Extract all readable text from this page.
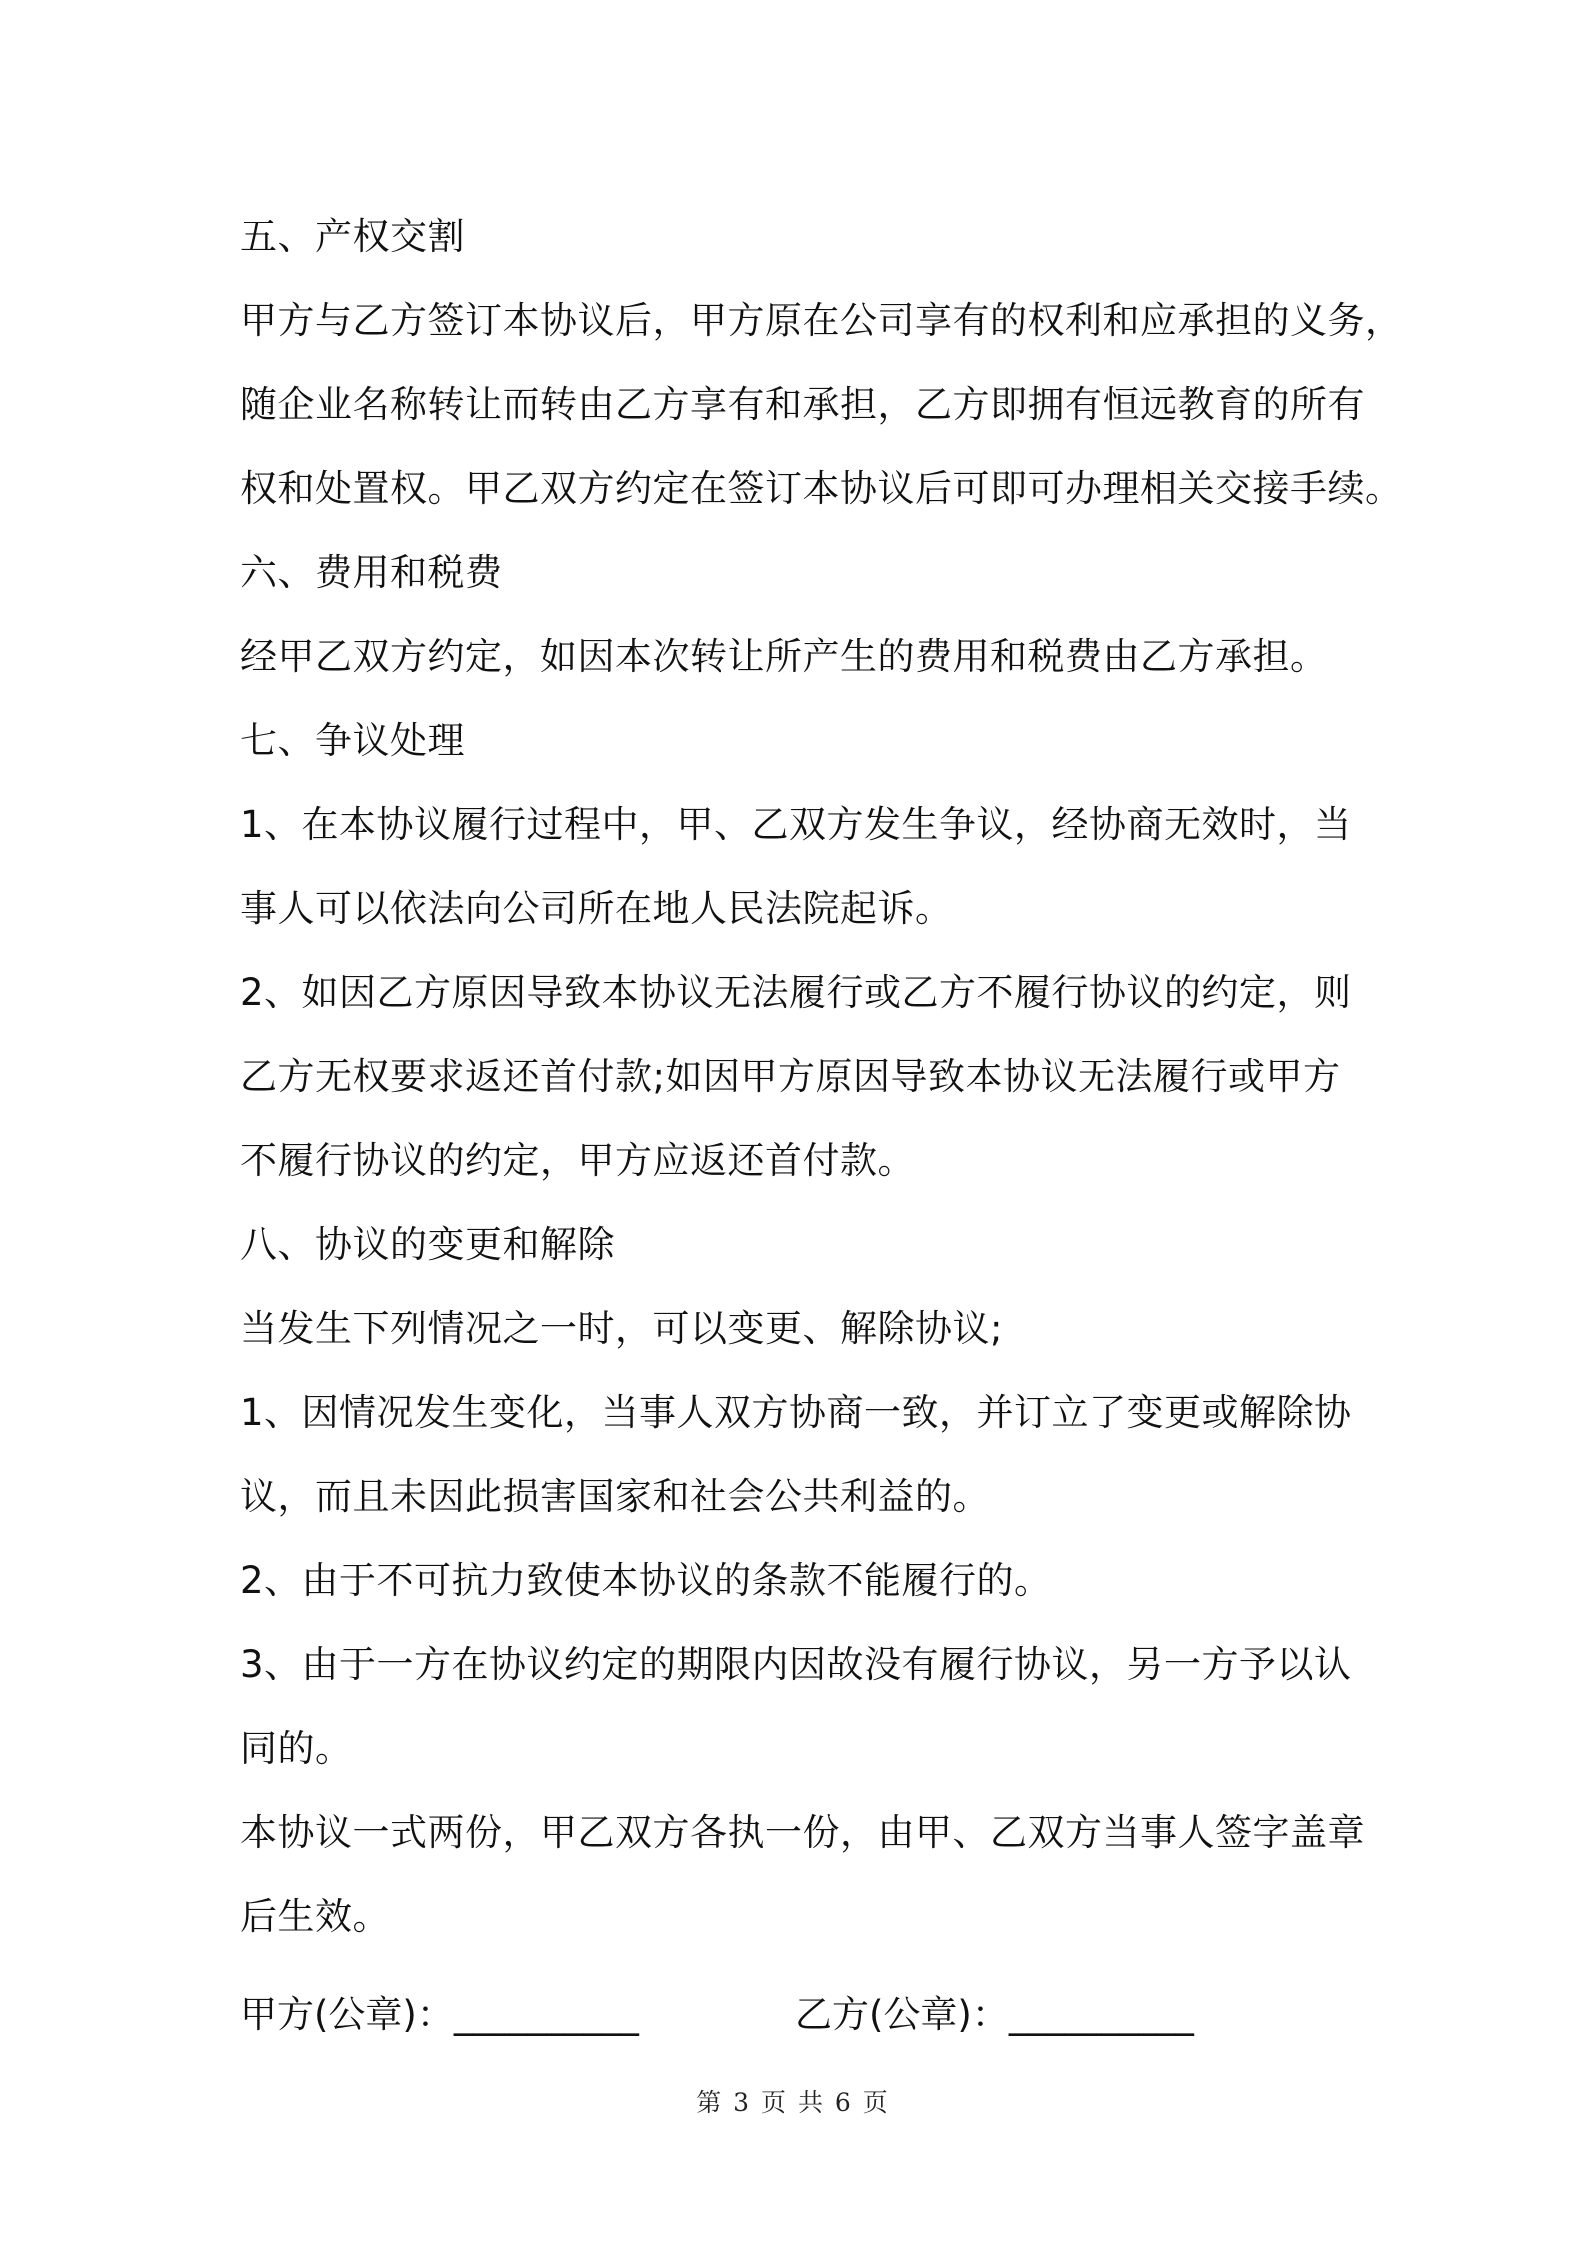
五、产权交割
甲方与乙方签订本协议后，甲方原在公司享有的权利和应承担的义务，
随企业名称转让而转由乙方享有和承担，乙方即拥有恒远教育的所有
权和处置权。甲乙双方约定在签订本协议后可即可办理相关交接手续。
六、费用和税费
经甲乙双方约定，如因本次转让所产生的费用和税费由乙方承担。
七、争议处理
1、在本协议履行过程中，甲、乙双方发生争议，经协商无效时，当
事人可以依法向公司所在地人民法院起诉。
2、如因乙方原因导致本协议无法履行或乙方不履行协议的约定，则
乙方无权要求返还首付款;如因甲方原因导致本协议无法履行或甲方
不履行协议的约定，甲方应返还首付款。
八、协议的变更和解除
当发生下列情况之一时，可以变更、解除协议;
1、因情况发生变化，当事人双方协商一致，并订立了变更或解除协
议，而且未因此损害国家和社会公共利益的。
2、由于不可抗力致使本协议的条款不能履行的。
3、由于一方在协议约定的期限内因故没有履行协议，另一方予以认
同的。
本协议一式两份，甲乙双方各执一份，由甲、乙双方当事人签字盖章
后生效。
甲方(公章)：__________	乙方(公章)：__________
第 3 页 共 6 页
